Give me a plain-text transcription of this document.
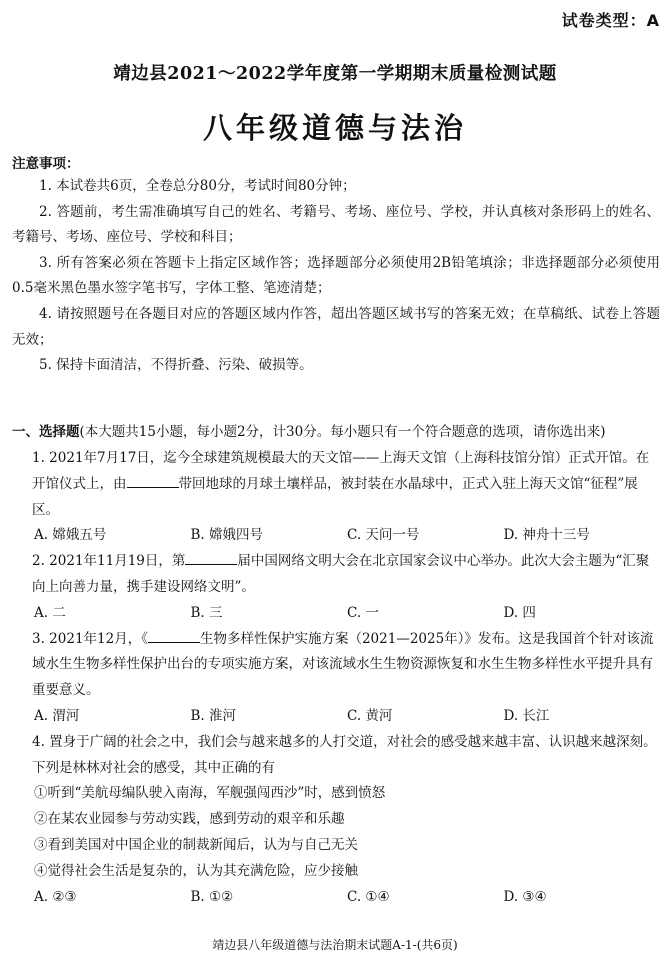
试卷类型：A
靖边县2021～2022学年度第一学期期末质量检测试题
八年级道德与法治
注意事项：
1. 本试卷共6页，全卷总分80分，考试时间80分钟；
2. 答题前，考生需准确填写自己的姓名、考籍号、考场、座位号、学校，并认真核对条形码上的姓名、考籍号、考场、座位号、学校和科目；
3. 所有答案必须在答题卡上指定区域作答；选择题部分必须使用2B铅笔填涂；非选择题部分必须使用0.5毫米黑色墨水签字笔书写，字体工整、笔迹清楚；
4. 请按照题号在各题目对应的答题区域内作答，超出答题区域书写的答案无效；在草稿纸、试卷上答题无效；
5. 保持卡面清洁，不得折叠、污染、破损等。
一、选择题(本大题共15小题，每小题2分，计30分。每小题只有一个符合题意的选项，请你选出来)
1. 2021年7月17日，迄今全球建筑规模最大的天文馆——上海天文馆（上海科技馆分馆）正式开馆。在开馆仪式上，由	带回地球的月球土壤样品，被封装在水晶球中，正式入驻上海天文馆“征程”展区。
A. 嫦娥五号	B. 嫦娥四号	C. 天问一号	D. 神舟十三号
2. 2021年11月19日，第	届中国网络文明大会在北京国家会议中心举办。此次大会主题为“汇聚向上向善力量，携手建设网络文明”。
A. 二	B. 三	C. 一	D. 四
3. 2021年12月，《	生物多样性保护实施方案（2021—2025年）》发布。这是我国首个针对该流域水生生物多样性保护出台的专项实施方案，对该流域水生生物资源恢复和水生生物多样性水平提升具有重要意义。
A. 渭河	B. 淮河	C. 黄河	D. 长江
4. 置身于广阔的社会之中，我们会与越来越多的人打交道，对社会的感受越来越丰富、认识越来越深刻。下列是林林对社会的感受，其中正确的有
①听到“美航母编队驶入南海，军舰强闯西沙”时，感到愤怒
②在某农业园参与劳动实践，感到劳动的艰辛和乐趣
③看到美国对中国企业的制裁新闻后，认为与自己无关
④觉得社会生活是复杂的，认为其充满危险，应少接触
A. ②③	B. ①②	C. ①④	D. ③④
靖边县八年级道德与法治期末试题A-1-(共6页)
